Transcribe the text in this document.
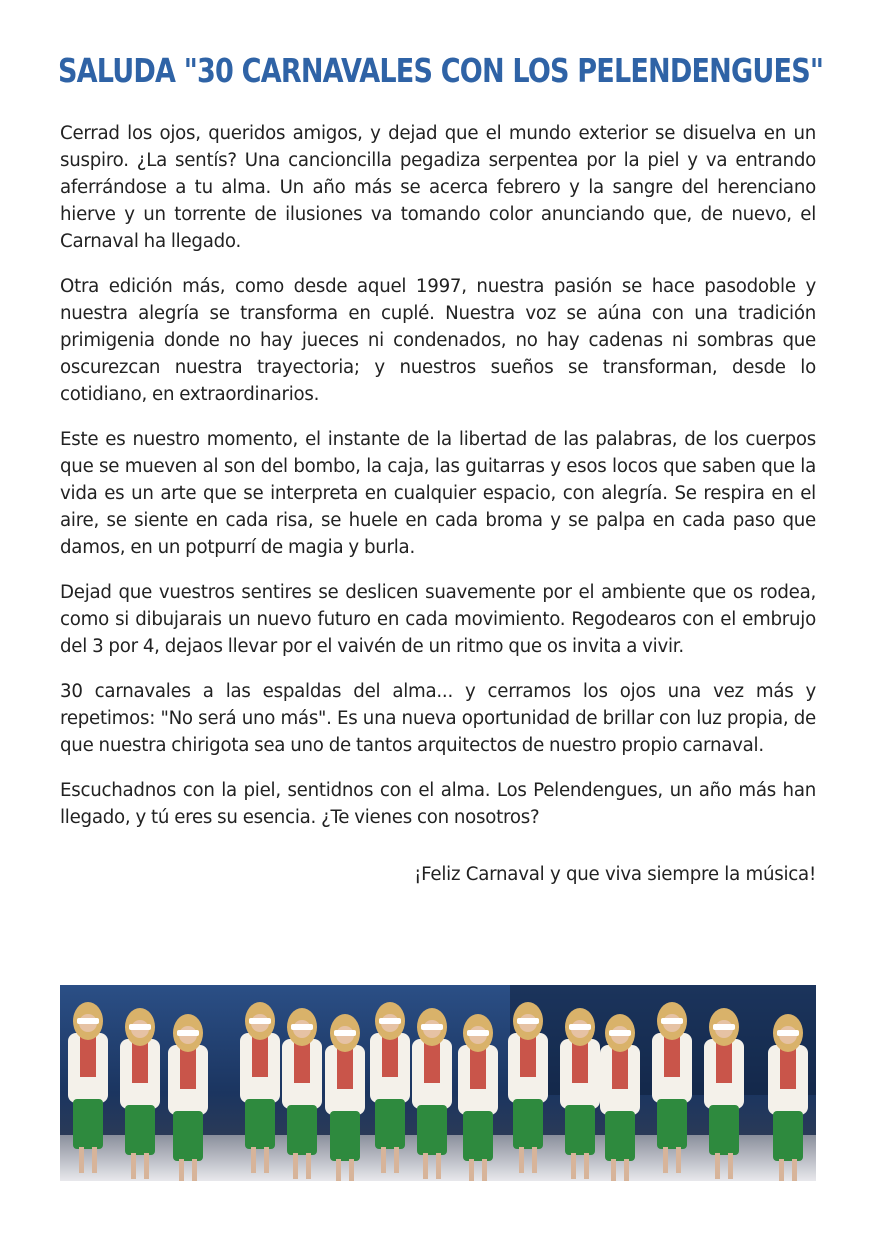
SALUDA "30 CARNAVALES CON LOS PELENDENGUES"

Cerrad los ojos, queridos amigos, y dejad que el mundo exterior se disuelva en un suspiro. ¿La sentís? Una cancioncilla pegadiza serpentea por la piel y va entrando aferrándose a tu alma. Un año más se acerca febrero y la sangre del herenciano hierve y un torrente de ilusiones va tomando color anunciando que, de nuevo, el Carnaval ha llegado.

Otra edición más, como desde aquel 1997, nuestra pasión se hace pasodoble y nuestra alegría se transforma en cuplé. Nuestra voz se aúna con una tradición primigenia donde no hay jueces ni condenados, no hay cadenas ni sombras que oscurezcan nuestra trayectoria; y nuestros sueños se transforman, desde lo cotidiano, en extraordinarios.

Este es nuestro momento, el instante de la libertad de las palabras, de los cuerpos que se mueven al son del bombo, la caja, las guitarras y esos locos que saben que la vida es un arte que se interpreta en cualquier espacio, con alegría. Se respira en el aire, se siente en cada risa, se huele en cada broma y se palpa en cada paso que damos, en un potpurrí de magia y burla.

Dejad que vuestros sentires se deslicen suavemente por el ambiente que os rodea, como si dibujarais un nuevo futuro en cada movimiento. Regodearos con el embrujo del 3 por 4, dejaos llevar por el vaivén de un ritmo que os invita a vivir.

30 carnavales a las espaldas del alma... y cerramos los ojos una vez más y repetimos: "No será uno más". Es una nueva oportunidad de brillar con luz propia, de que nuestra chirigota sea uno de tantos arquitectos de nuestro propio carnaval.

Escuchadnos con la piel, sentidnos con el alma. Los Pelendengues, un año más han llegado, y tú eres su esencia. ¿Te vienes con nosotros?

¡Feliz Carnaval y que viva siempre la música!
